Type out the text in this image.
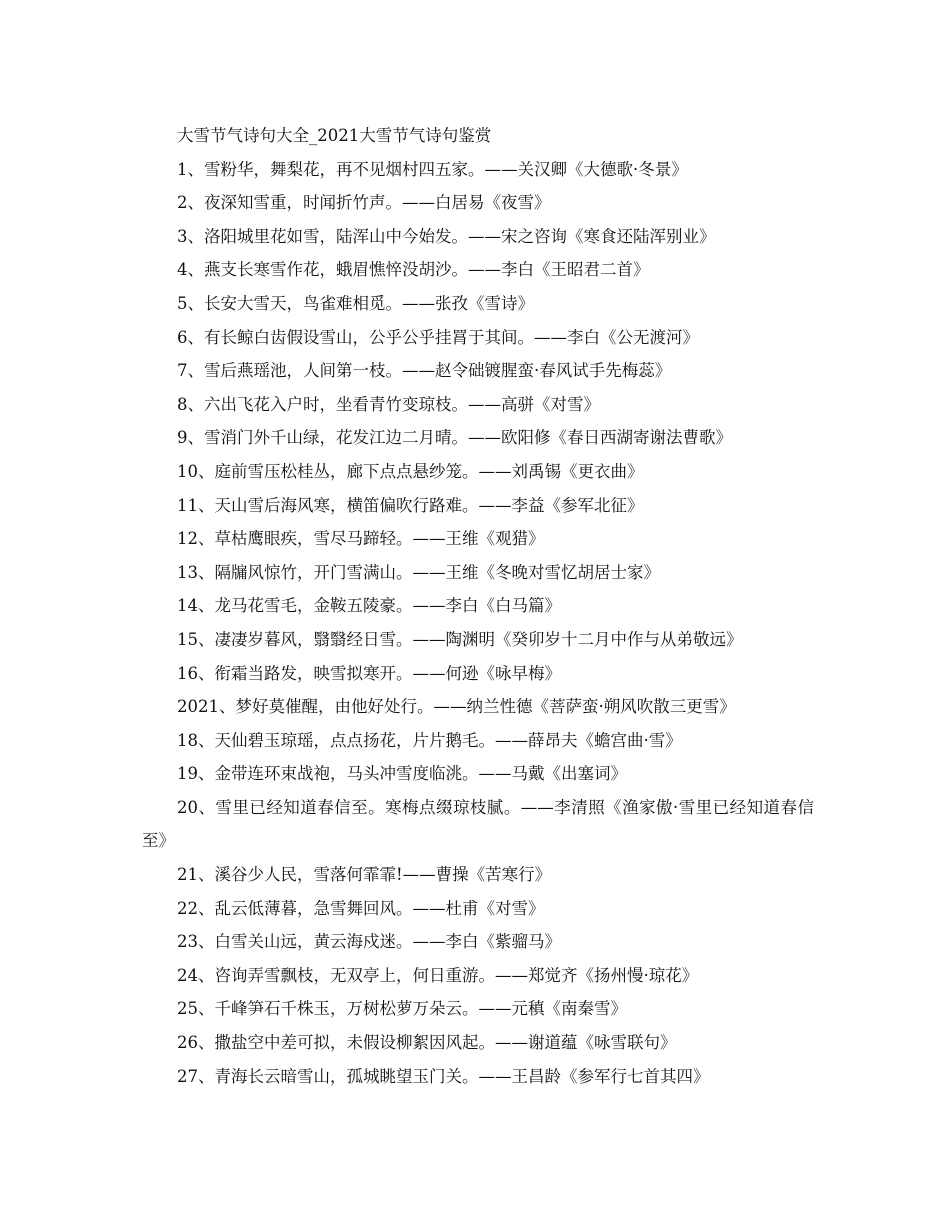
大雪节气诗句大全_2021大雪节气诗句鉴赏
1、雪粉华，舞梨花，再不见烟村四五家。——关汉卿《大德歌·冬景》
2、夜深知雪重，时闻折竹声。——白居易《夜雪》
3、洛阳城里花如雪，陆浑山中今始发。——宋之咨询《寒食还陆浑别业》
4、燕支长寒雪作花，蛾眉憔悴没胡沙。——李白《王昭君二首》
5、长安大雪天，鸟雀难相觅。——张孜《雪诗》
6、有长鲸白齿假设雪山，公乎公乎挂罥于其间。——李白《公无渡河》
7、雪后燕瑶池，人间第一枝。——赵令础镀腥蛮·春风试手先梅蕊》
8、六出飞花入户时，坐看青竹变琼枝。——高骈《对雪》
9、雪消门外千山绿，花发江边二月晴。——欧阳修《春日西湖寄谢法曹歌》
10、庭前雪压松桂丛，廊下点点悬纱笼。——刘禹锡《更衣曲》
11、天山雪后海风寒，横笛偏吹行路难。——李益《参军北征》
12、草枯鹰眼疾，雪尽马蹄轻。——王维《观猎》
13、隔牖风惊竹，开门雪满山。——王维《冬晚对雪忆胡居士家》
14、龙马花雪毛，金鞍五陵豪。——李白《白马篇》
15、凄凄岁暮风，翳翳经日雪。——陶渊明《癸卯岁十二月中作与从弟敬远》
16、衔霜当路发，映雪拟寒开。——何逊《咏早梅》
2021、梦好莫催醒，由他好处行。——纳兰性德《菩萨蛮·朔风吹散三更雪》
18、天仙碧玉琼瑶，点点扬花，片片鹅毛。——薛昂夫《蟾宫曲·雪》
19、金带连环束战袍，马头冲雪度临洮。——马戴《出塞词》
20、雪里已经知道春信至。寒梅点缀琼枝腻。——李清照《渔家傲·雪里已经知道春信至》
21、溪谷少人民，雪落何霏霏!——曹操《苦寒行》
22、乱云低薄暮，急雪舞回风。——杜甫《对雪》
23、白雪关山远，黄云海戍迷。——李白《紫骝马》
24、咨询弄雪飘枝，无双亭上，何日重游。——郑觉齐《扬州慢·琼花》
25、千峰笋石千株玉，万树松萝万朵云。——元稹《南秦雪》
26、撒盐空中差可拟，未假设柳絮因风起。——谢道蕴《咏雪联句》
27、青海长云暗雪山，孤城眺望玉门关。——王昌龄《参军行七首其四》
